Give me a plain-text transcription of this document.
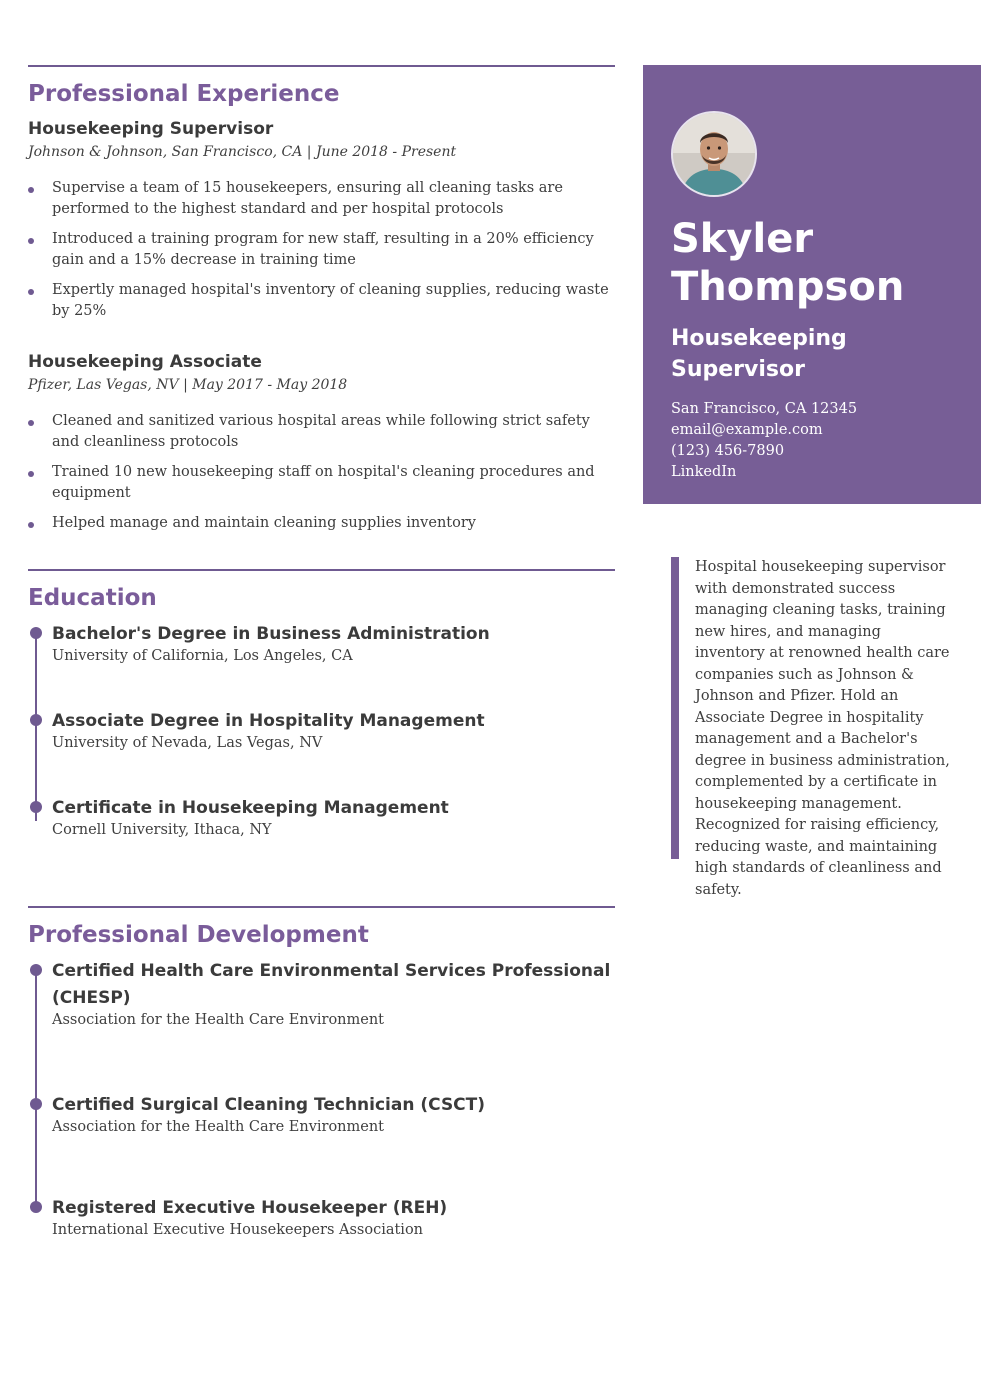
Professional Experience
Housekeeping Supervisor
Johnson & Johnson, San Francisco, CA | June 2018 - Present
Supervise a team of 15 housekeepers, ensuring all cleaning tasks are performed to the highest standard and per hospital protocols
Introduced a training program for new staff, resulting in a 20% efficiency gain and a 15% decrease in training time
Expertly managed hospital's inventory of cleaning supplies, reducing waste by 25%
Housekeeping Associate
Pfizer, Las Vegas, NV | May 2017 - May 2018
Cleaned and sanitized various hospital areas while following strict safety and cleanliness protocols
Trained 10 new housekeeping staff on hospital's cleaning procedures and equipment
Helped manage and maintain cleaning supplies inventory
Education
Bachelor's Degree in Business Administration
University of California, Los Angeles, CA
Associate Degree in Hospitality Management
University of Nevada, Las Vegas, NV
Certificate in Housekeeping Management
Cornell University, Ithaca, NY
Professional Development
Certified Health Care Environmental Services Professional (CHESP)
Association for the Health Care Environment
Certified Surgical Cleaning Technician (CSCT)
Association for the Health Care Environment
Registered Executive Housekeeper (REH)
International Executive Housekeepers Association
Skyler
Thompson
Housekeeping
Supervisor
San Francisco, CA 12345
email@example.com
(123) 456-7890
LinkedIn
Hospital housekeeping supervisor with demonstrated success managing cleaning tasks, training new hires, and managing inventory at renowned health care companies such as Johnson & Johnson and Pfizer. Hold an Associate Degree in hospitality management and a Bachelor's degree in business administration, complemented by a certificate in housekeeping management. Recognized for raising efficiency, reducing waste, and maintaining high standards of cleanliness and safety.
